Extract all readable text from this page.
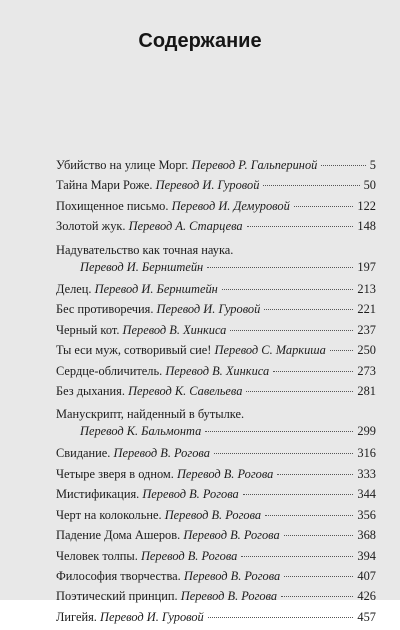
Содержание
Убийство на улице Морг. Перевод Р. Гальпериной	5
Тайна Мари Роже. Перевод И. Гуровой	50
Похищенное письмо. Перевод И. Демуровой	122
Золотой жук. Перевод А. Старцева	148
Надувательство как точная наука.
Перевод И. Бернштейн	197
Делец. Перевод И. Бернштейн	213
Бес противоречия. Перевод И. Гуровой	221
Черный кот. Перевод В. Хинкиса	237
Ты еси муж, сотворивый сие! Перевод С. Маркиша	250
Сердце-обличитель. Перевод В. Хинкиса	273
Без дыхания. Перевод К. Савельева	281
Манускрипт, найденный в бутылке.
Перевод К. Бальмонта	299
Свидание. Перевод В. Рогова	316
Четыре зверя в одном. Перевод В. Рогова	333
Мистификация. Перевод В. Рогова	344
Черт на колокольне. Перевод В. Рогова	356
Падение Дома Ашеров. Перевод В. Рогова	368
Человек толпы. Перевод В. Рогова	394
Философия творчества. Перевод В. Рогова	407
Поэтический принцип. Перевод В. Рогова	426
Лигейя. Перевод И. Гуровой	457
